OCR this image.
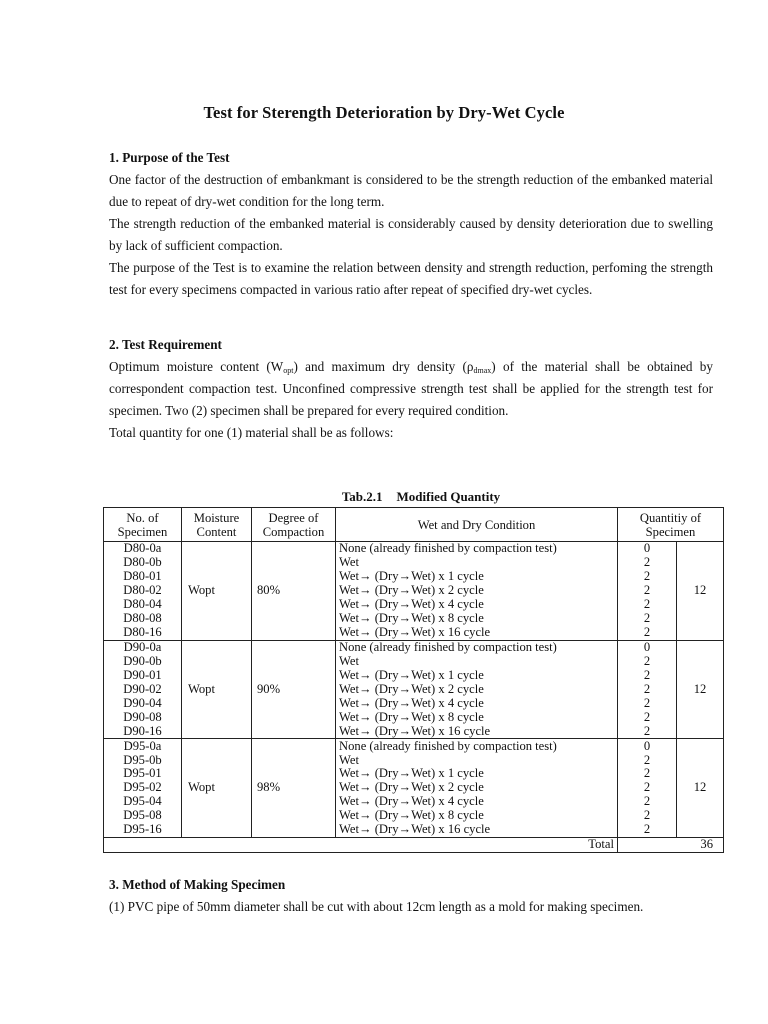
Test for Sterength Deterioration by Dry-Wet Cycle
1. Purpose of the Test
One factor of the destruction of embankmant is considered to be the strength reduction of the embanked material due to repeat of dry-wet condition for the long term.
The strength reduction of the embanked material is considerably caused by density deterioration due to swelling by lack of sufficient compaction.
The purpose of the Test is to examine the relation between density and strength reduction, perfoming the strength test for every specimens compacted in various ratio after repeat of specified dry-wet cycles.
2. Test Requirement
Optimum moisture content $(W_{opt})$ and maximum dry density $(\rho_{dmax})$ of the material shall be obtained by correspondent compaction test. Unconfined compressive strength test shall be applied for the strength test for specimen. Two (2) specimen shall be prepared for every required condition.
Total quantity for one (1) material shall be as follows:
Tab.2.1 Modified Quantity
No. of Specimen	Moisture Content	Degree of Compaction	Wet and Dry Condition	Quantitiy of Specimen	
D80-0a	Wopt	80%	None (already finished by compaction test)	0	12
D80-0b			Wet	2	
D80-01			Wet→ (Dry→Wet) x 1 cycle	2	
D80-02			Wet→ (Dry→Wet) x 2 cycle	2	
D80-04			Wet→ (Dry→Wet) x 4 cycle	2	
D80-08			Wet→ (Dry→Wet) x 8 cycle	2	
D80-16			Wet→ (Dry→Wet) x 16 cycle	2	
D90-0a	Wopt	90%	None (already finished by compaction test)	0	12
D90-0b			Wet	2	
D90-01			Wet→ (Dry→Wet) x 1 cycle	2	
D90-02			Wet→ (Dry→Wet) x 2 cycle	2	
D90-04			Wet→ (Dry→Wet) x 4 cycle	2	
D90-08			Wet→ (Dry→Wet) x 8 cycle	2	
D90-16			Wet→ (Dry→Wet) x 16 cycle	2	
D95-0a	Wopt	98%	None (already finished by compaction test)	0	12
D95-0b			Wet	2	
D95-01			Wet→ (Dry→Wet) x 1 cycle	2	
D95-02			Wet→ (Dry→Wet) x 2 cycle	2	
D95-04			Wet→ (Dry→Wet) x 4 cycle	2	
D95-08			Wet→ (Dry→Wet) x 8 cycle	2	
D95-16			Wet→ (Dry→Wet) x 16 cycle	2	
Total				36	
3. Method of Making Specimen
(1) PVC pipe of 50mm diameter shall be cut with about 12cm length as a mold for making specimen.
